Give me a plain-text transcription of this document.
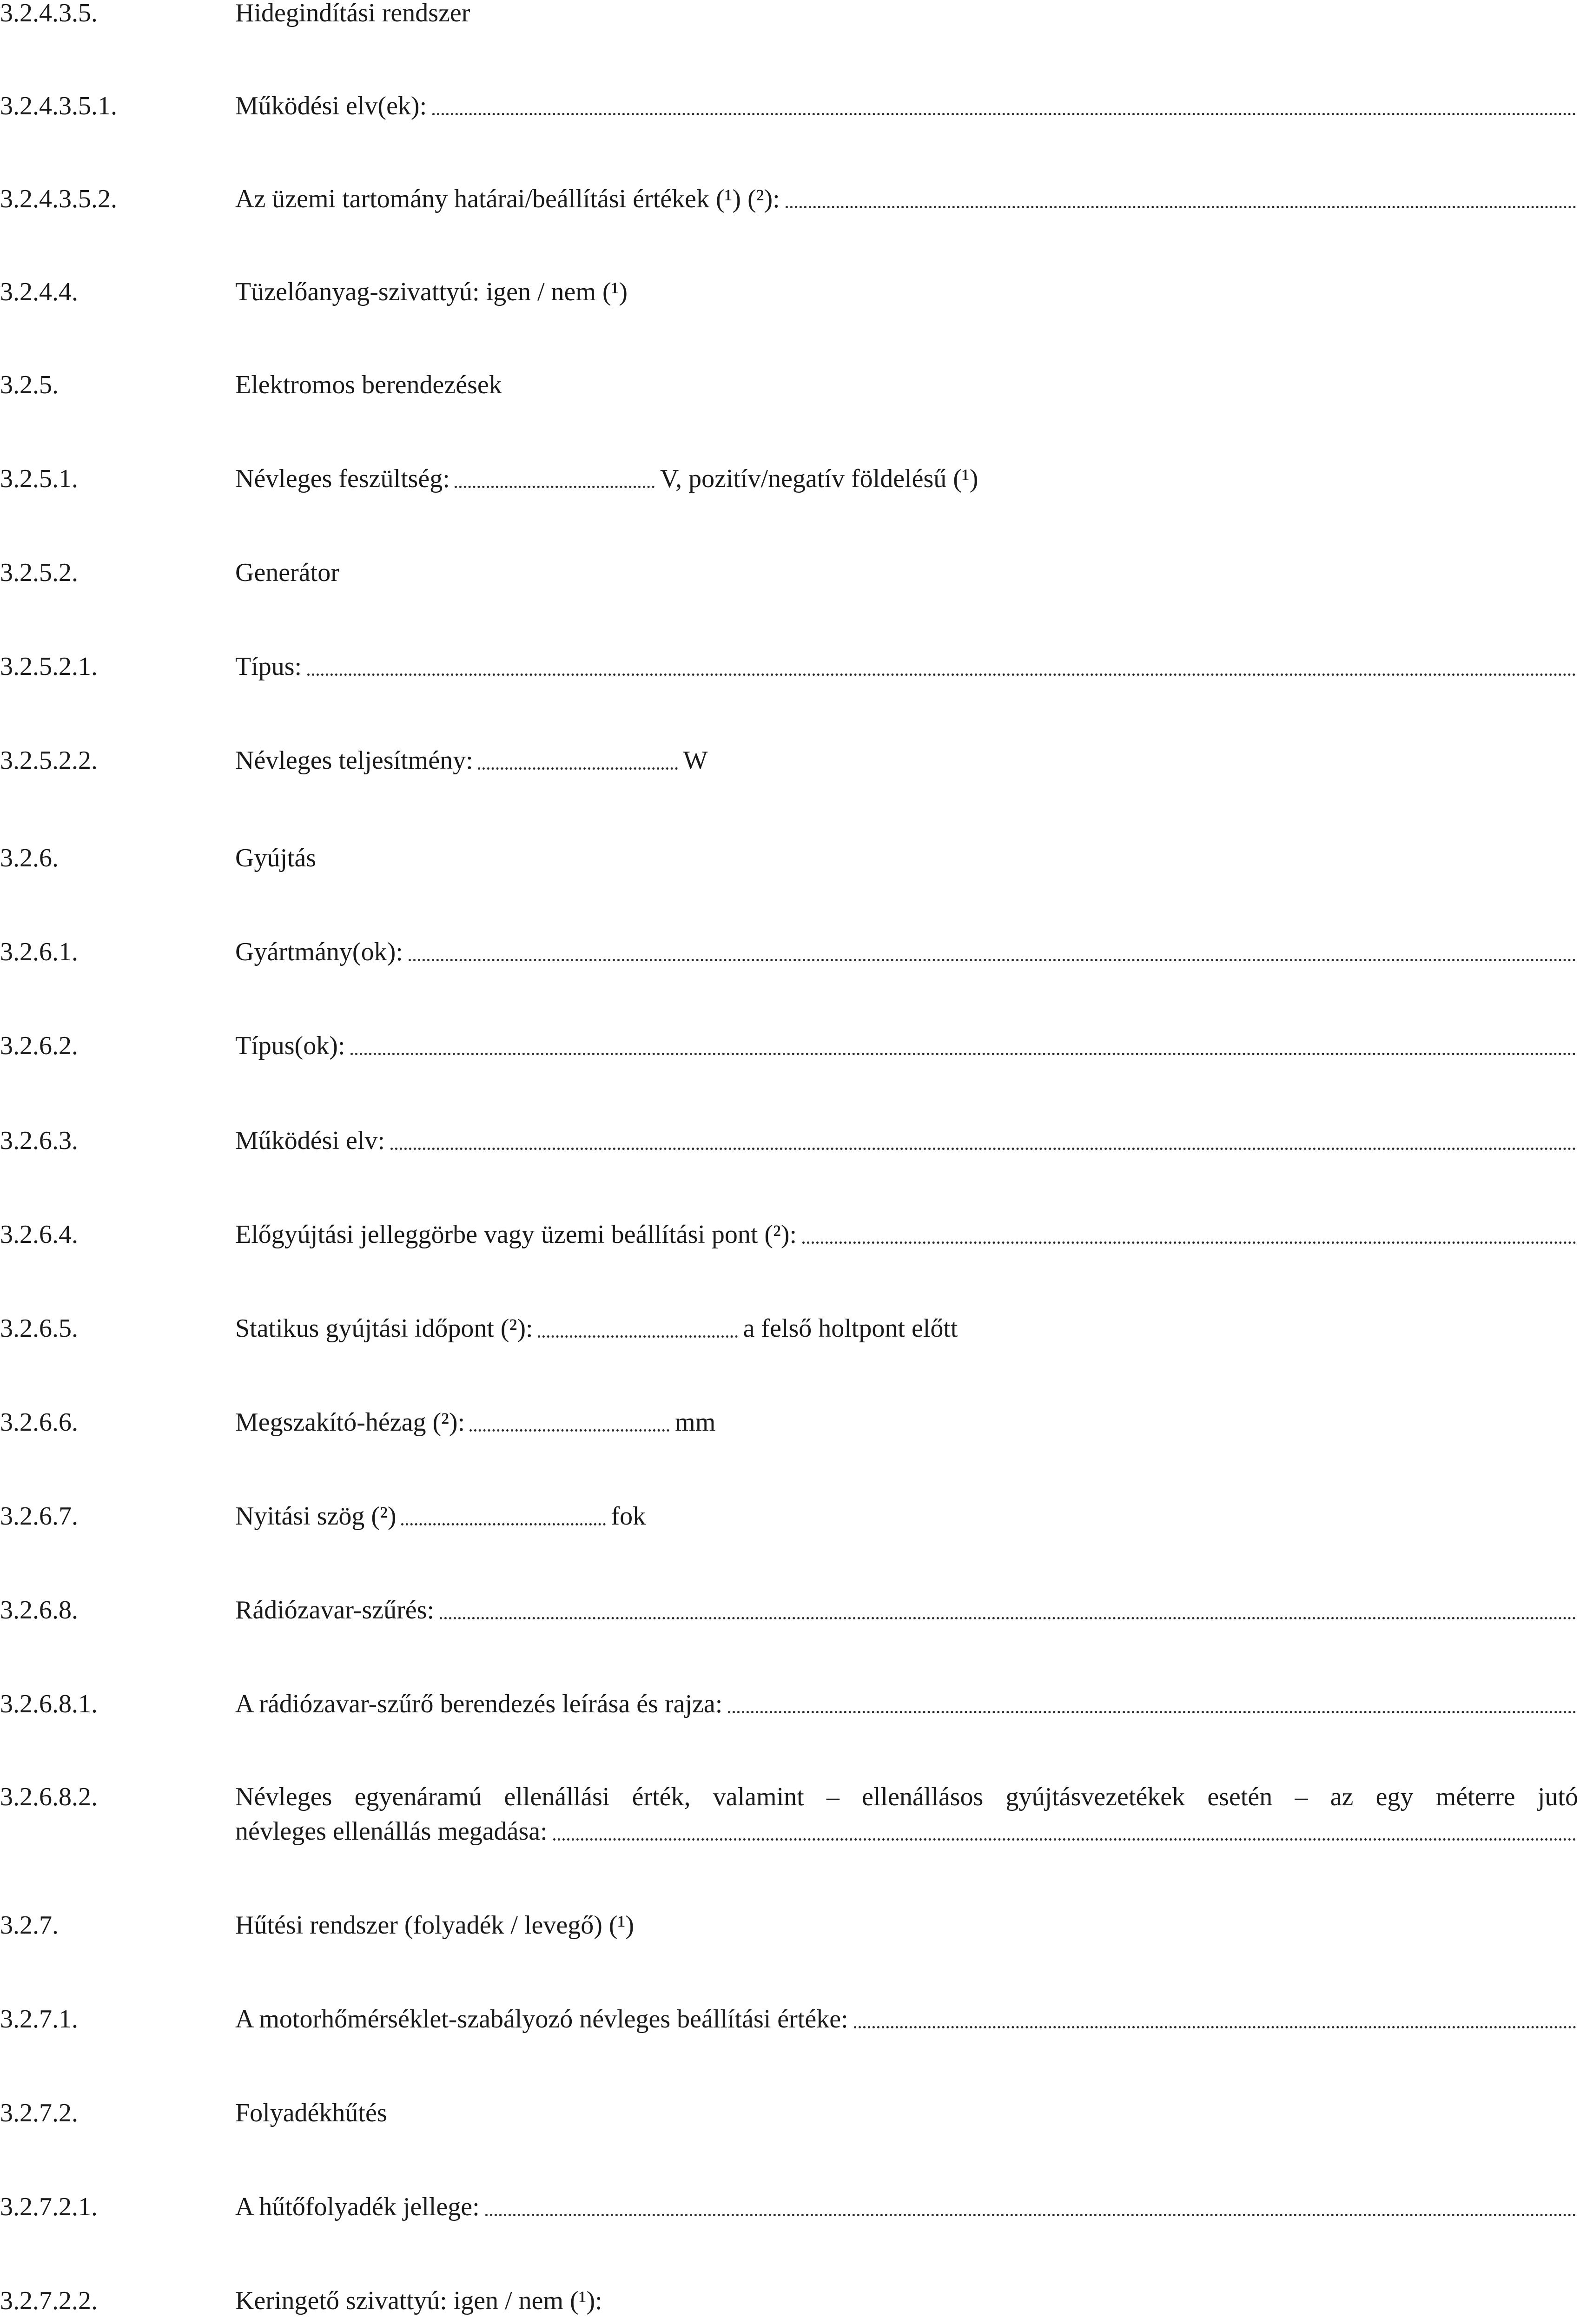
3.2.4.3.5.	Hidegindítási rendszer
3.2.4.3.5.1.	Működési elv(ek):
3.2.4.3.5.2.	Az üzemi tartomány határai/beállítási értékek (¹) (²):
3.2.4.4.	Tüzelőanyag-szivattyú: igen / nem (¹)
3.2.5.	Elektromos berendezések
3.2.5.1.	Névleges feszültség:	V, pozitív/negatív földelésű (¹)
3.2.5.2.	Generátor
3.2.5.2.1.	Típus:
3.2.5.2.2.	Névleges teljesítmény:	W
3.2.6.	Gyújtás
3.2.6.1.	Gyártmány(ok):
3.2.6.2.	Típus(ok):
3.2.6.3.	Működési elv:
3.2.6.4.	Előgyújtási jelleggörbe vagy üzemi beállítási pont (²):
3.2.6.5.	Statikus gyújtási időpont (²):	a felső holtpont előtt
3.2.6.6.	Megszakító-hézag (²):	mm
3.2.6.7.	Nyitási szög (²)	fok
3.2.6.8.	Rádiózavar-szűrés:
3.2.6.8.1.	A rádiózavar-szűrő berendezés leírása és rajza:
3.2.6.8.2.	Névleges egyenáramú ellenállási érték, valamint – ellenállásos gyújtásvezetékek esetén – az egy méterre jutó
névleges ellenállás megadása:
3.2.7.	Hűtési rendszer (folyadék / levegő) (¹)
3.2.7.1.	A motorhőmérséklet-szabályozó névleges beállítási értéke:
3.2.7.2.	Folyadékhűtés
3.2.7.2.1.	A hűtőfolyadék jellege:
3.2.7.2.2.	Keringető szivattyú: igen / nem (¹):
